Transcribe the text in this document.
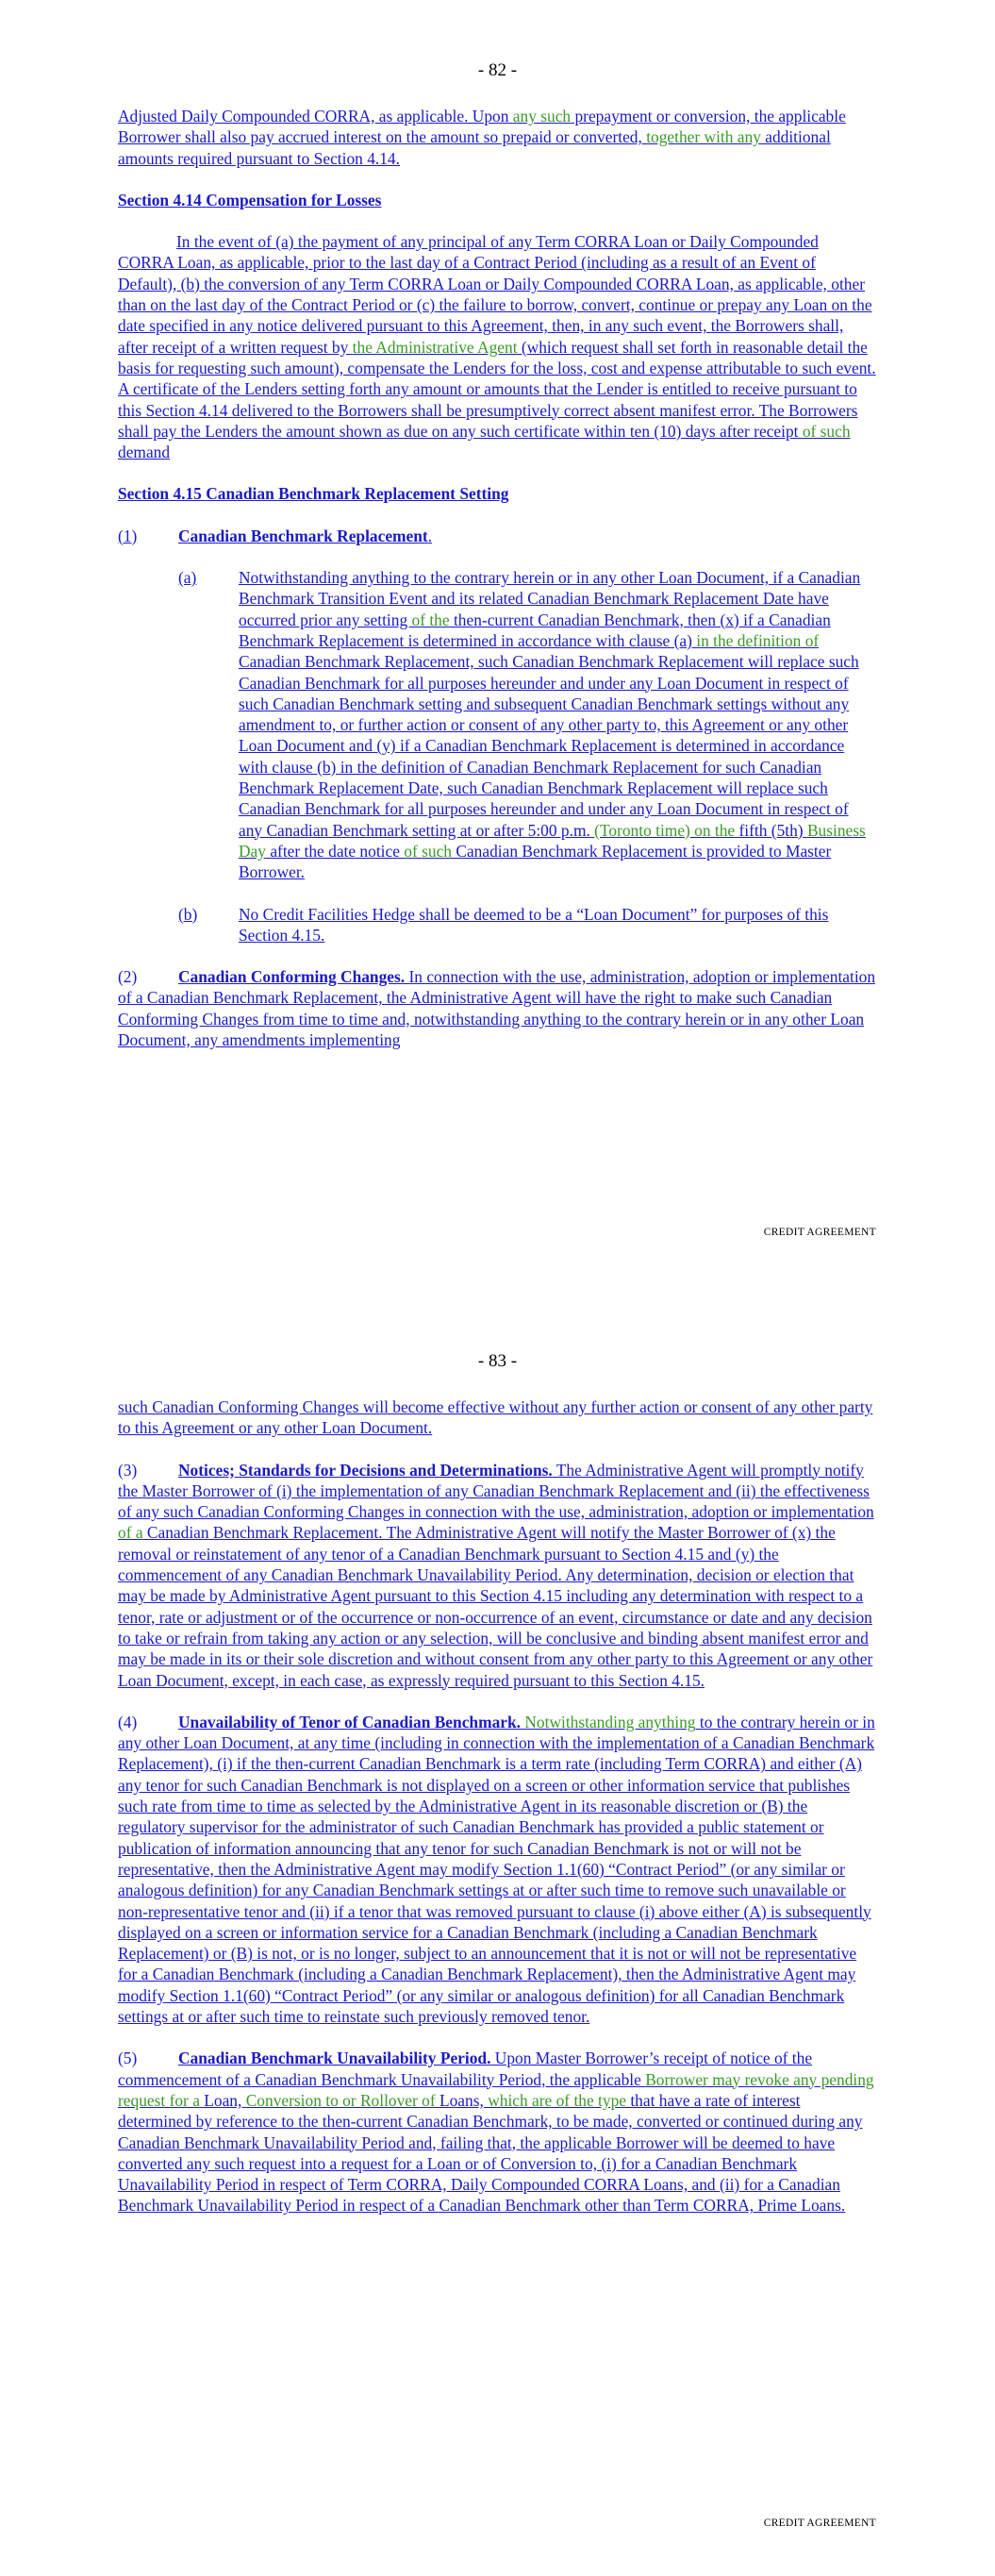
- 82 -

Adjusted Daily Compounded CORRA, as applicable. Upon any such prepayment or conversion, the applicable Borrower shall also pay accrued interest on the amount so prepaid or converted, together with any additional amounts required pursuant to Section 4.14.

Section 4.14 Compensation for Losses

In the event of (a) the payment of any principal of any Term CORRA Loan or Daily Compounded CORRA Loan, as applicable, prior to the last day of a Contract Period (including as a result of an Event of Default), (b) the conversion of any Term CORRA Loan or Daily Compounded CORRA Loan, as applicable, other than on the last day of the Contract Period or (c) the failure to borrow, convert, continue or prepay any Loan on the date specified in any notice delivered pursuant to this Agreement, then, in any such event, the Borrowers shall, after receipt of a written request by the Administrative Agent (which request shall set forth in reasonable detail the basis for requesting such amount), compensate the Lenders for the loss, cost and expense attributable to such event. A certificate of the Lenders setting forth any amount or amounts that the Lender is entitled to receive pursuant to this Section 4.14 delivered to the Borrowers shall be presumptively correct absent manifest error. The Borrowers shall pay the Lenders the amount shown as due on any such certificate within ten (10) days after receipt of such demand

Section 4.15 Canadian Benchmark Replacement Setting

(1)	Canadian Benchmark Replacement.
(a)	Notwithstanding anything to the contrary herein or in any other Loan Document, if a Canadian Benchmark Transition Event and its related Canadian Benchmark Replacement Date have occurred prior any setting of the then-current Canadian Benchmark, then (x) if a Canadian Benchmark Replacement is determined in accordance with clause (a) in the definition of Canadian Benchmark Replacement, such Canadian Benchmark Replacement will replace such Canadian Benchmark for all purposes hereunder and under any Loan Document in respect of such Canadian Benchmark setting and subsequent Canadian Benchmark settings without any amendment to, or further action or consent of any other party to, this Agreement or any other Loan Document and (y) if a Canadian Benchmark Replacement is determined in accordance with clause (b) in the definition of Canadian Benchmark Replacement for such Canadian Benchmark Replacement Date, such Canadian Benchmark Replacement will replace such Canadian Benchmark for all purposes hereunder and under any Loan Document in respect of any Canadian Benchmark setting at or after 5:00 p.m. (Toronto time) on the fifth (5th) Business Day after the date notice of such Canadian Benchmark Replacement is provided to Master Borrower.

(b)	No Credit Facilities Hedge shall be deemed to be a “Loan Document” for purposes of this Section 4.15.

(2)	Canadian Conforming Changes. In connection with the use, administration, adoption or implementation of a Canadian Benchmark Replacement, the Administrative Agent will have the right to make such Canadian Conforming Changes from time to time and, notwithstanding anything to the contrary herein or in any other Loan Document, any amendments implementing

CREDIT AGREEMENT

- 83 -

such Canadian Conforming Changes will become effective without any further action or consent of any other party to this Agreement or any other Loan Document.

(3)	Notices; Standards for Decisions and Determinations. The Administrative Agent will promptly notify the Master Borrower of (i) the implementation of any Canadian Benchmark Replacement and (ii) the effectiveness of any such Canadian Conforming Changes in connection with the use, administration, adoption or implementation of a Canadian Benchmark Replacement. The Administrative Agent will notify the Master Borrower of (x) the removal or reinstatement of any tenor of a Canadian Benchmark pursuant to Section 4.15 and (y) the commencement of any Canadian Benchmark Unavailability Period. Any determination, decision or election that may be made by Administrative Agent pursuant to this Section 4.15 including any determination with respect to a tenor, rate or adjustment or of the occurrence or non-occurrence of an event, circumstance or date and any decision to take or refrain from taking any action or any selection, will be conclusive and binding absent manifest error and may be made in its or their sole discretion and without consent from any other party to this Agreement or any other Loan Document, except, in each case, as expressly required pursuant to this Section 4.15.

(4)	Unavailability of Tenor of Canadian Benchmark. Notwithstanding anything to the contrary herein or in any other Loan Document, at any time (including in connection with the implementation of a Canadian Benchmark Replacement), (i) if the then-current Canadian Benchmark is a term rate (including Term CORRA) and either (A) any tenor for such Canadian Benchmark is not displayed on a screen or other information service that publishes such rate from time to time as selected by the Administrative Agent in its reasonable discretion or (B) the regulatory supervisor for the administrator of such Canadian Benchmark has provided a public statement or publication of information announcing that any tenor for such Canadian Benchmark is not or will not be representative, then the Administrative Agent may modify Section 1.1(60) “Contract Period” (or any similar or analogous definition) for any Canadian Benchmark settings at or after such time to remove such unavailable or non-representative tenor and (ii) if a tenor that was removed pursuant to clause (i) above either (A) is subsequently displayed on a screen or information service for a Canadian Benchmark (including a Canadian Benchmark Replacement) or (B) is not, or is no longer, subject to an announcement that it is not or will not be representative for a Canadian Benchmark (including a Canadian Benchmark Replacement), then the Administrative Agent may modify Section 1.1(60) “Contract Period” (or any similar or analogous definition) for all Canadian Benchmark settings at or after such time to reinstate such previously removed tenor.

(5)	Canadian Benchmark Unavailability Period. Upon Master Borrower’s receipt of notice of the commencement of a Canadian Benchmark Unavailability Period, the applicable Borrower may revoke any pending request for a Loan, Conversion to or Rollover of Loans, which are of the type that have a rate of interest determined by reference to the then-current Canadian Benchmark, to be made, converted or continued during any Canadian Benchmark Unavailability Period and, failing that, the applicable Borrower will be deemed to have converted any such request into a request for a Loan or of Conversion to, (i) for a Canadian Benchmark Unavailability Period in respect of Term CORRA, Daily Compounded CORRA Loans, and (ii) for a Canadian Benchmark Unavailability Period in respect of a Canadian Benchmark other than Term CORRA, Prime Loans.

CREDIT AGREEMENT
